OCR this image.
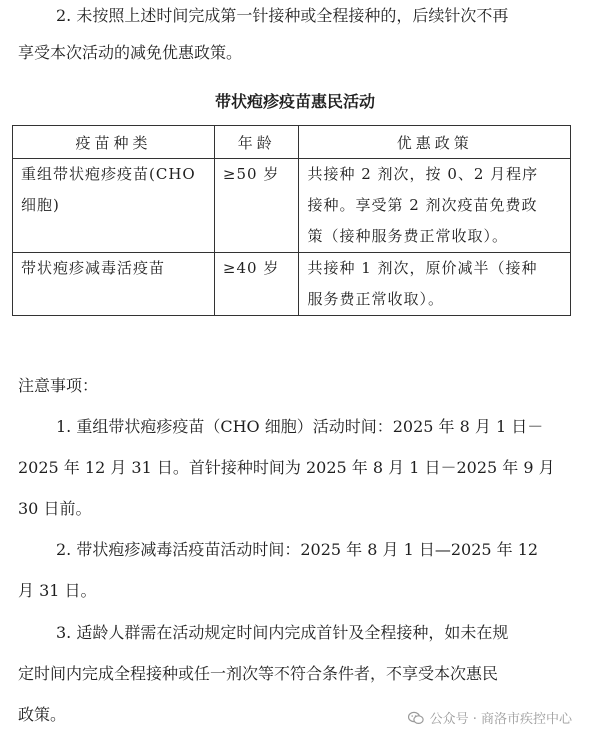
2. 未按照上述时间完成第一针接种或全程接种的，后续针次不再
享受本次活动的减免优惠政策。
带状疱疹疫苗惠民活动
疫苗种类	年龄	优惠政策

重组带状疱疹疫苗(CHO
细胞)	≥50 岁	共接种 2 剂次，按 0、2 月程序
接种。享受第 2 剂次疫苗免费政
策（接种服务费正常收取）。

带状疱疹减毒活疫苗	≥40 岁	共接种 1 剂次，原价减半（接种
服务费正常收取）。
注意事项：
1. 重组带状疱疹疫苗（CHO 细胞）活动时间：2025 年 8 月 1 日－
2025 年 12 月 31 日。首针接种时间为 2025 年 8 月 1 日－2025 年 9 月
30 日前。
2. 带状疱疹减毒活疫苗活动时间：2025 年 8 月 1 日—2025 年 12
月 31 日。
3. 适龄人群需在活动规定时间内完成首针及全程接种，如未在规
定时间内完成全程接种或任一剂次等不符合条件者，不享受本次惠民
政策。	公众号 · 商洛市疾控中心
